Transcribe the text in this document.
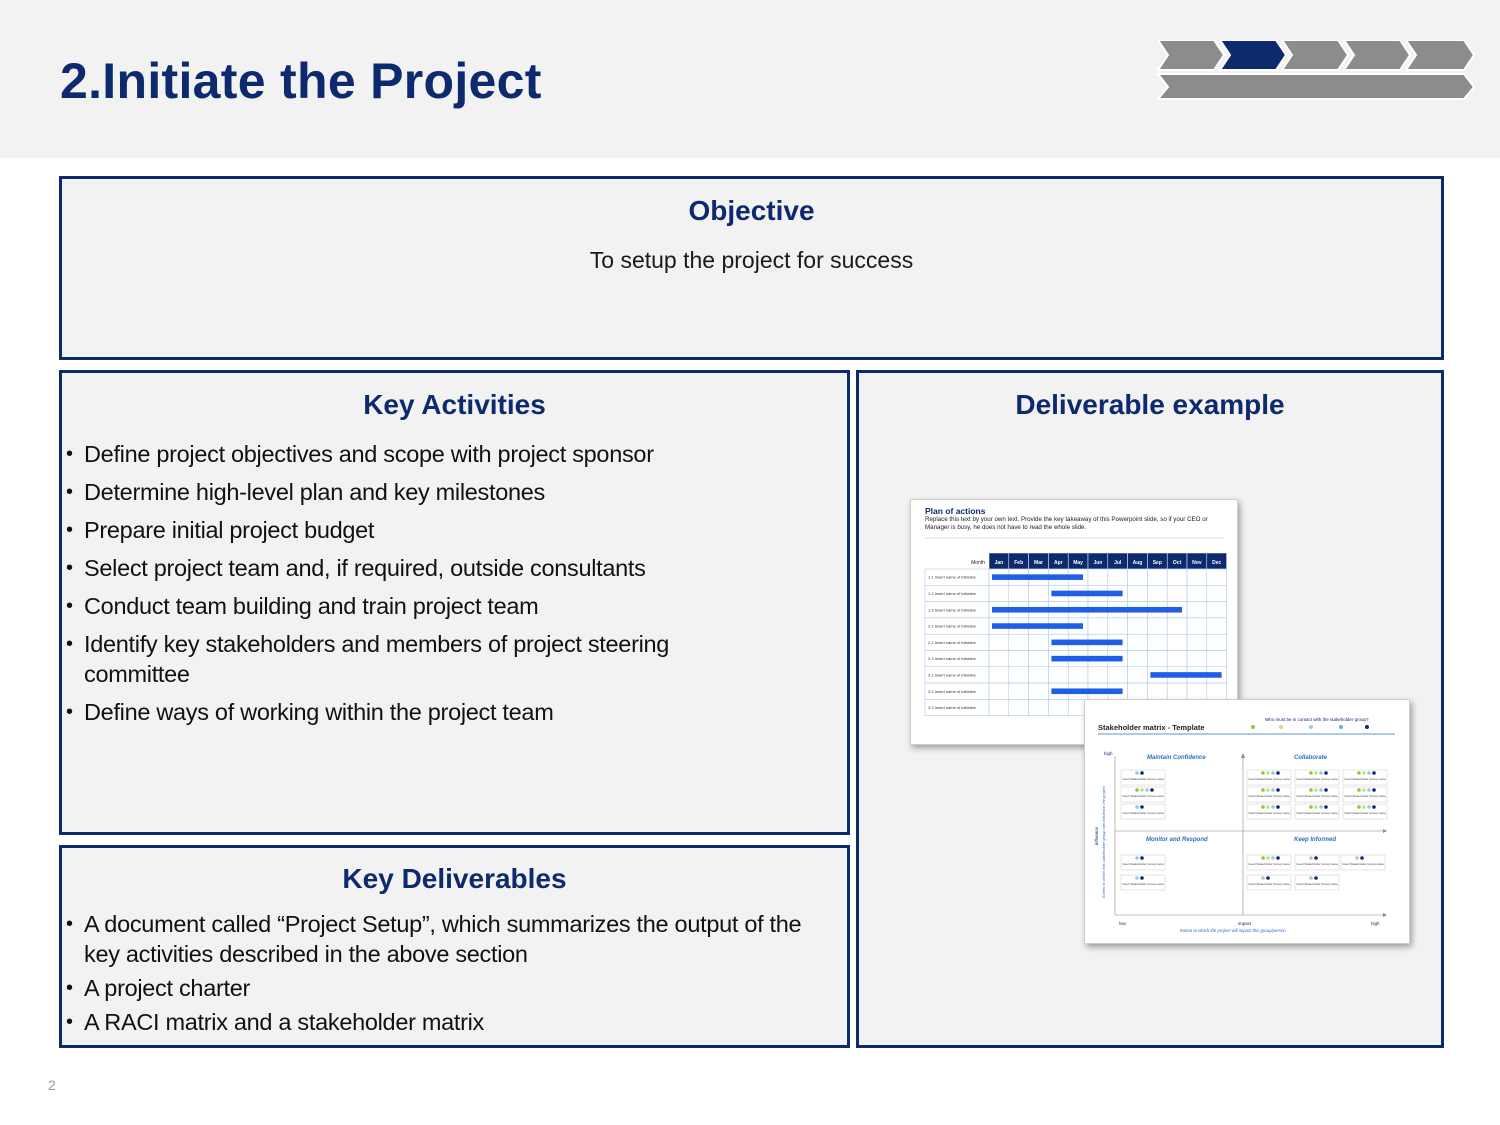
2.Initiate the Project
Objective
To setup the project for success
Key Activities
• Define project objectives and scope with project sponsor
• Determine high-level plan and key milestones
• Prepare initial project budget
• Select project team and, if required, outside consultants
• Conduct team building and train project team
• Identify key stakeholders and members of project steering committee
• Define ways of working within the project team
Key Deliverables
• A document called “Project Setup”, which summarizes the output of the key activities described in the above section
• A project charter
• A RACI matrix and a stakeholder matrix
Deliverable example
Plan of actions
Replace this text by your own text. Provide the key takeaway of this Powerpoint slide, so if your CEO or Manager is busy, he does not have to read the whole slide.
Month Jan Feb Mar Apr May Jun Jul Aug Sep Oct Nov Dec
1.1 Insert name of initiative
1.2 Insert name of initiative
1.3 Insert name of initiative
2.1 Insert name of initiative
2.2 Insert name of initiative
2.3 Insert name of initiative
3.1 Insert name of initiative
3.2 Insert name of initiative
3.3 Insert name of initiative
Stakeholder matrix - Template
Who must be in contact with the stakeholder group?
high
low	impact	high
Extent to which the project will impact this group/person
influence Extent to which this stakeholder group can influence the project
Maintain Confidence	Collaborate
Monitor and Respond	Keep Informed
Insert Stakeholder Group name
Insert Stakeholder Group name
Insert Stakeholder Group name
Insert Stakeholder Group name
Insert Stakeholder Group name
Insert Stakeholder Group name
Insert Stakeholder Group name
Insert Stakeholder Group name
Insert Stakeholder Group name
Insert Stakeholder Group name
Insert Stakeholder Group name
Insert Stakeholder Group name
Insert Stakeholder Group name
Insert Stakeholder Group name
Insert Stakeholder Group name Insert Stakeholder Group name Insert Stakeholder Group name
Insert Stakeholder Group name Insert Stakeholder Group name
2
